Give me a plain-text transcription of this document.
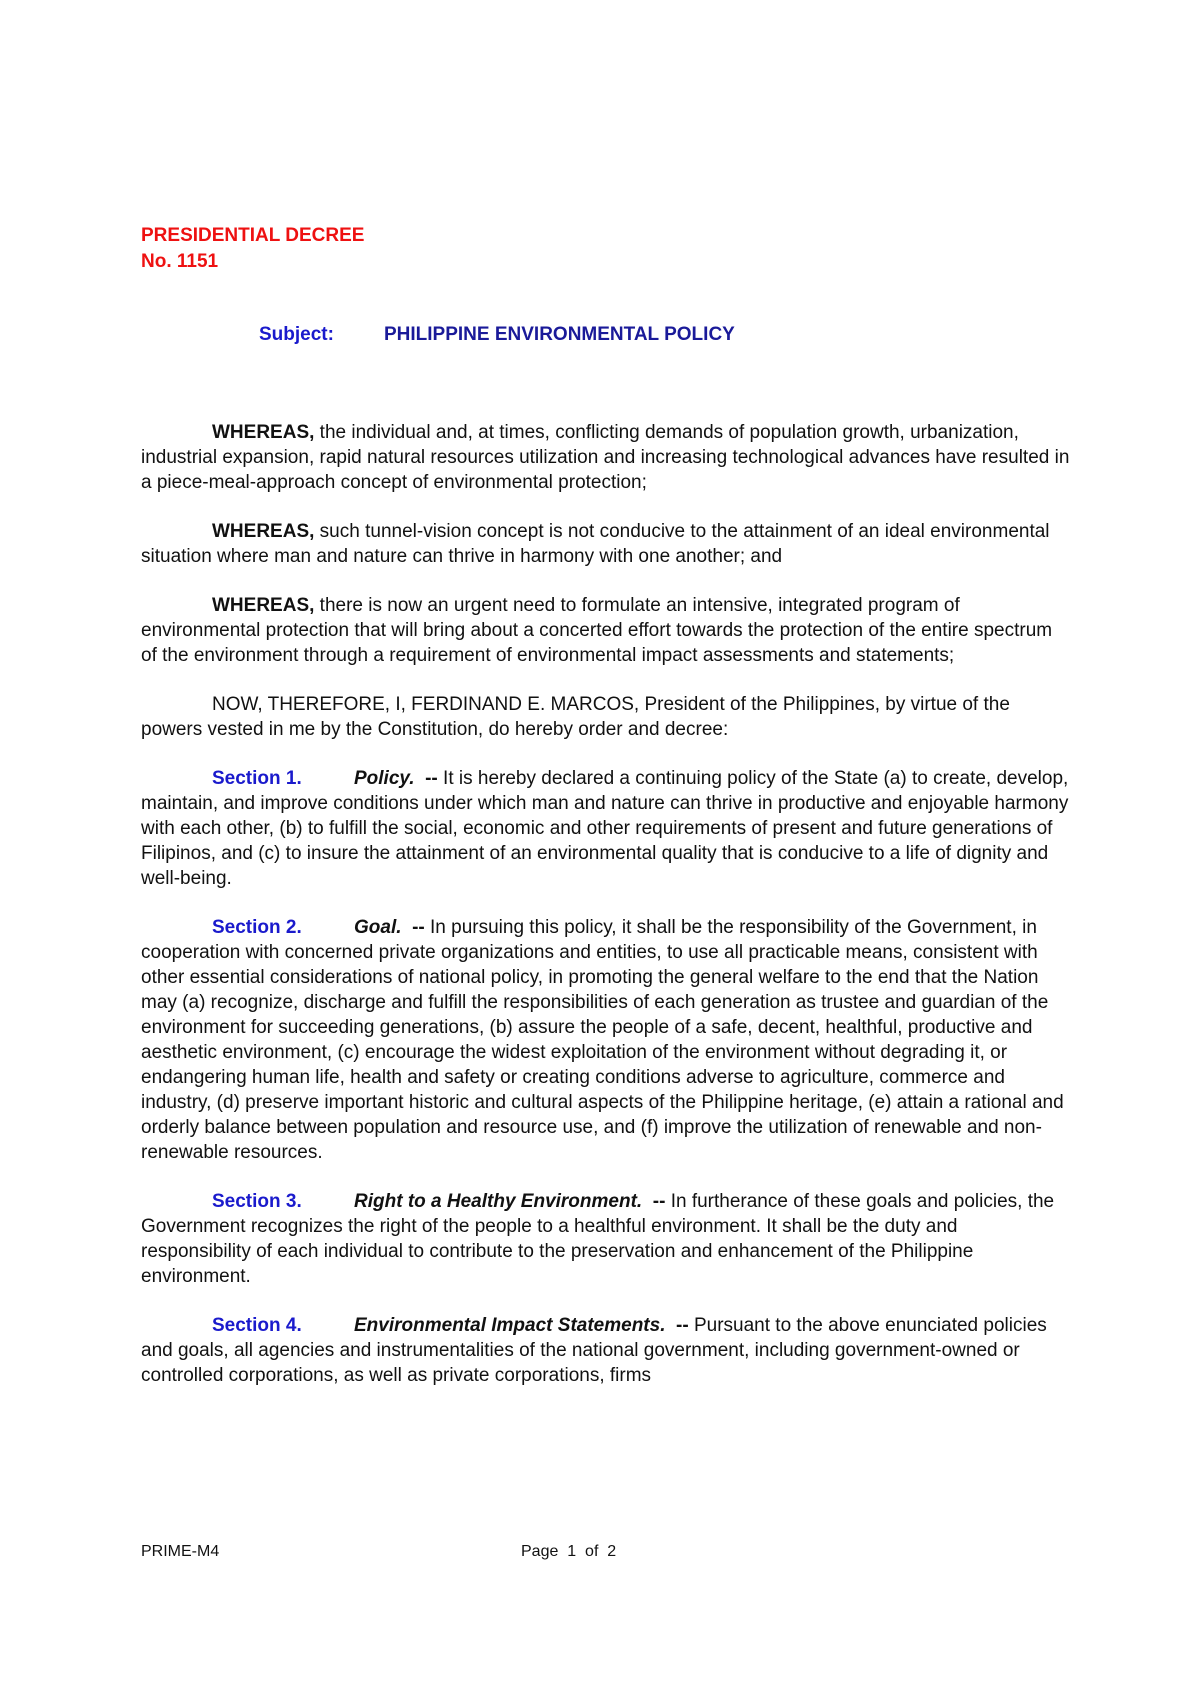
PRESIDENTIAL DECREE
No. 1151
Subject:	PHILIPPINE ENVIRONMENTAL POLICY

WHEREAS, the individual and, at times, conflicting demands of population growth, urbanization, industrial expansion, rapid natural resources utilization and increasing technological advances have resulted in a piece-meal-approach concept of environmental protection;

WHEREAS, such tunnel-vision concept is not conducive to the attainment of an ideal environmental situation where man and nature can thrive in harmony with one another; and

WHEREAS, there is now an urgent need to formulate an intensive, integrated program of environmental protection that will bring about a concerted effort towards the protection of the entire spectrum of the environment through a requirement of environmental impact assessments and statements;

NOW, THEREFORE, I, FERDINAND E. MARCOS, President of the Philippines, by virtue of the powers vested in me by the Constitution, do hereby order and decree:

Section 1.	Policy.  -- It is hereby declared a continuing policy of the State (a) to create, develop, maintain, and improve conditions under which man and nature can thrive in productive and enjoyable harmony with each other, (b) to fulfill the social, economic and other requirements of present and future generations of Filipinos, and (c) to insure the attainment of an environmental quality that is conducive to a life of dignity and well-being.

Section 2.	Goal.  -- In pursuing this policy, it shall be the responsibility of the Government, in cooperation with concerned private organizations and entities, to use all practicable means, consistent with other essential considerations of national policy, in promoting the general welfare to the end that the Nation may (a) recognize, discharge and fulfill the responsibilities of each generation as trustee and guardian of the environment for succeeding generations, (b) assure the people of a safe, decent, healthful, productive and aesthetic environment, (c) encourage the widest exploitation of the environment without degrading it, or endangering human life, health and safety or creating conditions adverse to agriculture, commerce and industry, (d) preserve important historic and cultural aspects of the Philippine heritage, (e) attain a rational and orderly balance between population and resource use, and (f) improve the utilization of renewable and non-renewable resources.

Section 3.	Right to a Healthy Environment.  -- In furtherance of these goals and policies, the Government recognizes the right of the people to a healthful environment. It shall be the duty and responsibility of each individual to contribute to the preservation and enhancement of the Philippine environment.

Section 4.	Environmental Impact Statements.  -- Pursuant to the above enunciated policies and goals, all agencies and instrumentalities of the national government, including government-owned or controlled corporations, as well as private corporations, firms

PRIME-M4	Page  1  of  2
